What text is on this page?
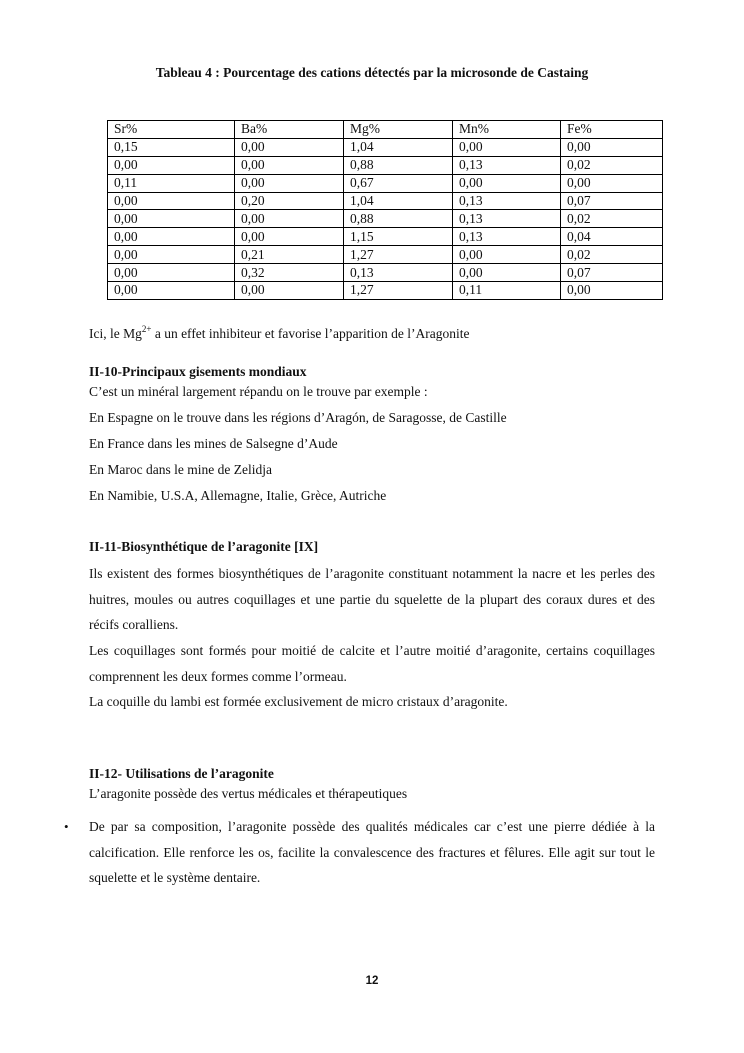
Tableau 4 : Pourcentage des cations détectés par la microsonde de Castaing
Sr%	Ba%	Mg%	Mn%	Fe%
0,15	0,00	1,04	0,00	0,00
0,00	0,00	0,88	0,13	0,02
0,11	0,00	0,67	0,00	0,00
0,00	0,20	1,04	0,13	0,07
0,00	0,00	0,88	0,13	0,02
0,00	0,00	1,15	0,13	0,04
0,00	0,21	1,27	0,00	0,02
0,00	0,32	0,13	0,00	0,07
0,00	0,00	1,27	0,11	0,00
Ici, le $Mg^{2+}$ a un effet inhibiteur et favorise l’apparition de l’Aragonite
II-10-Principaux gisements mondiaux
C’est un minéral largement répandu on le trouve par exemple :
En Espagne on le trouve dans les régions d’Aragón, de Saragosse, de Castille
En France dans les mines de Salsegne d’Aude
En Maroc dans le mine de Zelidja
En Namibie, U.S.A, Allemagne, Italie, Grèce, Autriche
II-11-Biosynthétique de l’aragonite [IX]
Ils existent des formes biosynthétiques de l’aragonite constituant notamment la nacre et les perles des huitres, moules ou autres coquillages et une partie du squelette de la plupart des coraux dures et des récifs coralliens.
Les coquillages sont formés pour moitié de calcite et l’autre moitié d’aragonite, certains coquillages comprennent les deux formes comme l’ormeau.
La coquille du lambi est formée exclusivement de micro cristaux d’aragonite.
II-12- Utilisations de l’aragonite
L’aragonite possède des vertus médicales et thérapeutiques
• De par sa composition, l’aragonite possède des qualités médicales car c’est une pierre dédiée à la calcification. Elle renforce les os, facilite la convalescence des fractures et fêlures. Elle agit sur tout le squelette et le système dentaire.
12
